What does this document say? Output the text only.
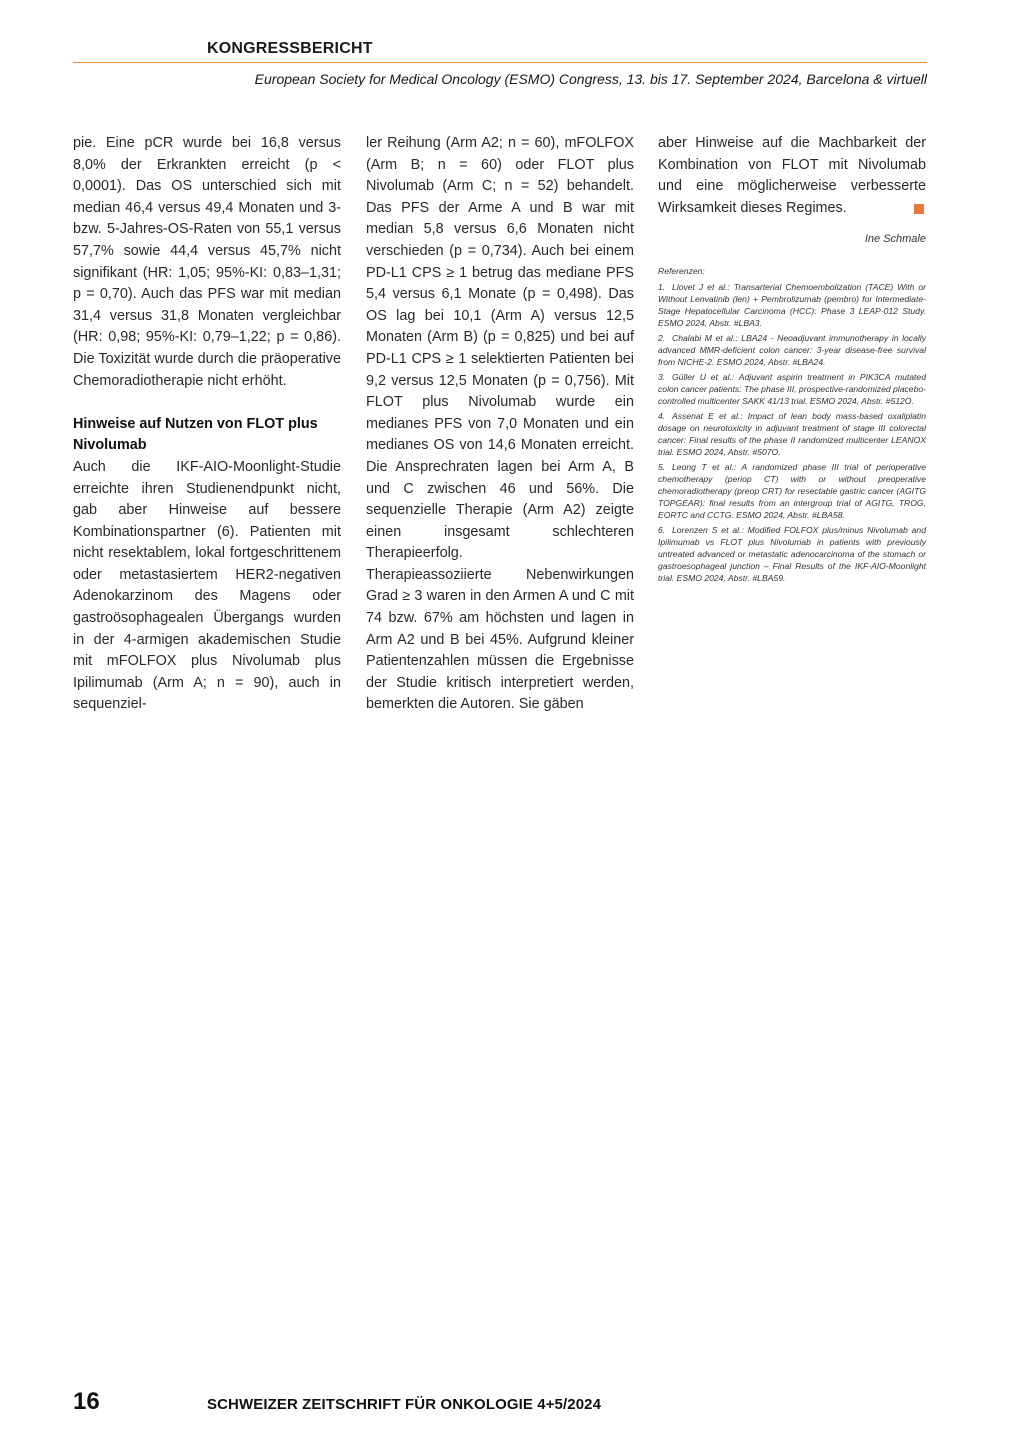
KONGRESSBERICHT
European Society for Medical Oncology (ESMO) Congress, 13. bis 17. September 2024, Barcelona & virtuell

pie. Eine pCR wurde bei 16,8 versus 8,0% der Erkrankten erreicht (p < 0,0001). Das OS unterschied sich mit median 46,4 versus 49,4 Monaten und 3- bzw. 5-Jahres-OS-Raten von 55,1 versus 57,7% sowie 44,4 versus 45,7% nicht signifikant (HR: 1,05; 95%-KI: 0,83–1,31; p = 0,70). Auch das PFS war mit median 31,4 versus 31,8 Monaten vergleichbar (HR: 0,98; 95%-KI: 0,79–1,22; p = 0,86). Die Toxizität wurde durch die präoperative Chemoradiotherapie nicht erhöht.

Hinweise auf Nutzen von FLOT plus Nivolumab

Auch die IKF-AIO-Moonlight-Studie erreichte ihren Studienendpunkt nicht, gab aber Hinweise auf bessere Kombinationspartner (6). Patienten mit nicht resektablem, lokal fortgeschrittenem oder metastasiertem HER2-negativen Adenokarzinom des Magens oder gastroösophagealen Übergangs wurden in der 4-armigen akademischen Studie mit mFOLFOX plus Nivolumab plus Ipilimumab (Arm A; n = 90), auch in sequenziel-

ler Reihung (Arm A2; n = 60), mFOLFOX (Arm B; n = 60) oder FLOT plus Nivolumab (Arm C; n = 52) behandelt. Das PFS der Arme A und B war mit median 5,8 versus 6,6 Monaten nicht verschieden (p = 0,734). Auch bei einem PD-L1 CPS ≥ 1 betrug das mediane PFS 5,4 versus 6,1 Monate (p = 0,498). Das OS lag bei 10,1 (Arm A) versus 12,5 Monaten (Arm B) (p = 0,825) und bei auf PD-L1 CPS ≥ 1 selektierten Patienten bei 9,2 versus 12,5 Monaten (p = 0,756). Mit FLOT plus Nivolumab wurde ein medianes PFS von 7,0 Monaten und ein medianes OS von 14,6 Monaten erreicht. Die Ansprechraten lagen bei Arm A, B und C zwischen 46 und 56%. Die sequenzielle Therapie (Arm A2) zeigte einen insgesamt schlechteren Therapieerfolg.

Therapieassoziierte Nebenwirkungen Grad ≥ 3 waren in den Armen A und C mit 74 bzw. 67% am höchsten und lagen in Arm A2 und B bei 45%. Aufgrund kleiner Patientenzahlen müssen die Ergebnisse der Studie kritisch interpretiert werden, bemerkten die Autoren. Sie gäben

aber Hinweise auf die Machbarkeit der Kombination von FLOT mit Nivolumab und eine möglicherweise verbesserte Wirksamkeit dieses Regimes.

Ine Schmale
Referenzen:
1. Llovet J et al.: Transarterial Chemoembolization (TACE) With or Without Lenvatinib (len) + Pembrolizumab (pembro) for Intermediate-Stage Hepatocellular Carcinoma (HCC): Phase 3 LEAP-012 Study. ESMO 2024, Abstr. #LBA3.
2. Chalabi M et al.: LBA24 - Neoadjuvant immunotherapy in locally advanced MMR-deficient colon cancer: 3-year disease-free survival from NICHE-2. ESMO 2024, Abstr. #LBA24.
3. Güller U et al.: Adjuvant aspirin treatment in PIK3CA mutated colon cancer patients: The phase III, prospective-randomized placebo-controlled multicenter SAKK 41/13 trial. ESMO 2024, Abstr. #512O.
4. Assenat E et al.: Impact of lean body mass-based oxaliplatin dosage on neurotoxicity in adjuvant treatment of stage III colorectal cancer: Final results of the phase II randomized multicenter LEANOX trial. ESMO 2024, Abstr. #507O.
5. Leong T et al.: A randomized phase III trial of perioperative chemotherapy (periop CT) with or without preoperative chemoradiotherapy (preop CRT) for resectable gastric cancer (AGITG TOPGEAR): final results from an intergroup trial of AGITG, TROG, EORTC and CCTG. ESMO 2024, Abstr. #LBA58.
6. Lorenzen S et al.: Modified FOLFOX plus/minus Nivolumab and Ipilimumab vs FLOT plus Nivolumab in patients with previously untreated advanced or metastatic adenocarcinoma of the stomach or gastroesophageal junction – Final Results of the IKF-AIO-Moonlight trial. ESMO 2024, Abstr. #LBA59.
16	SCHWEIZER ZEITSCHRIFT FÜR ONKOLOGIE 4+5/2024
